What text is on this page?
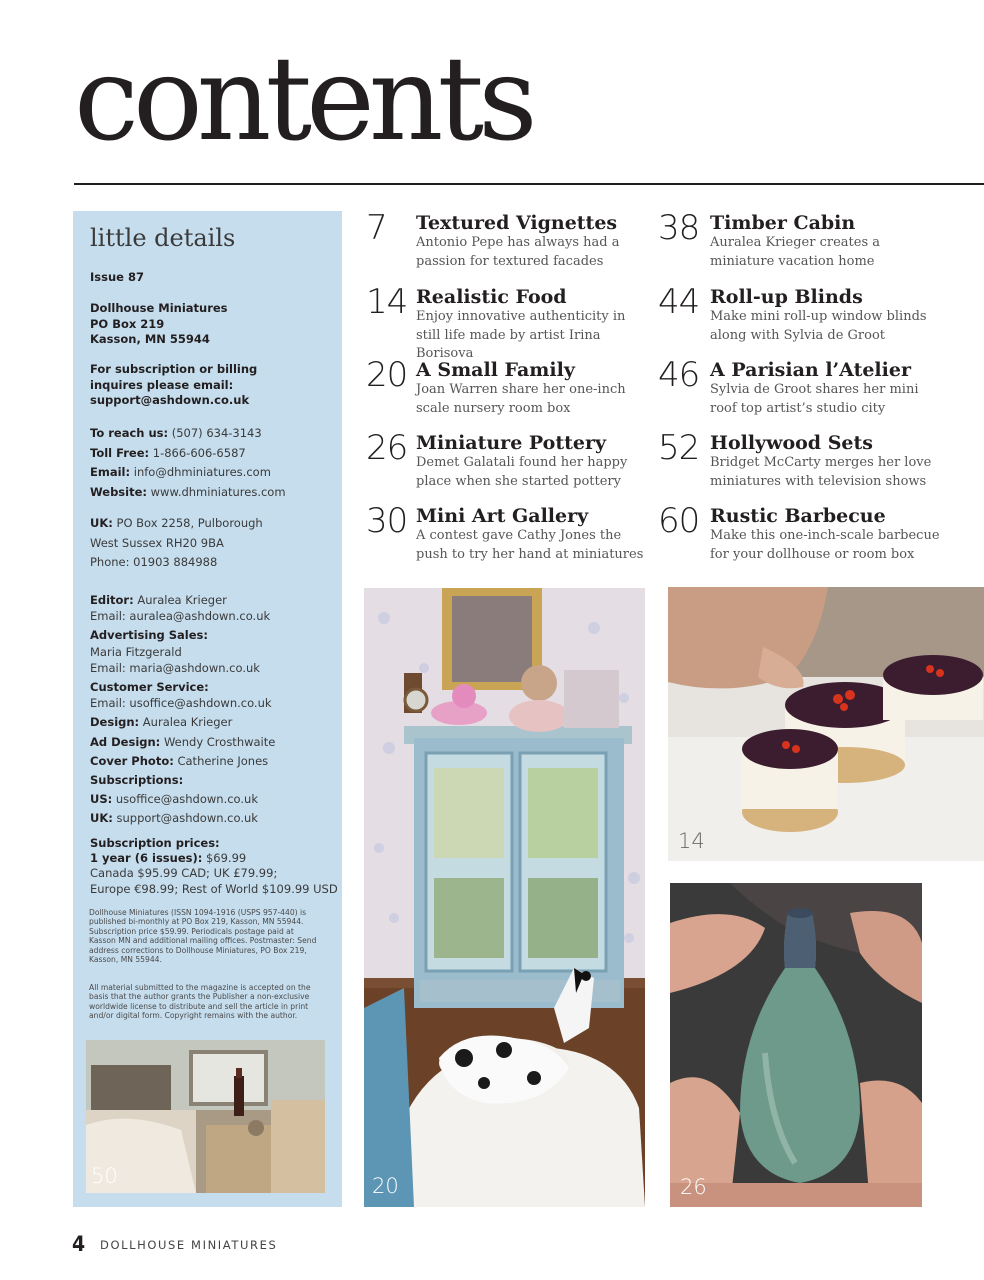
contents
little details
Issue 87
Dollhouse Miniatures
PO Box 219
Kasson, MN 55944
For subscription or billing
inquires please email:
support@ashdown.co.uk
To reach us: (507) 634-3143
Toll Free: 1-866-606-6587
Email: info@dhminiatures.com
Website: www.dhminiatures.com
UK: PO Box 2258, Pulborough
West Sussex RH20 9BA
Phone: 01903 884988
Editor: Auralea Krieger
Email: auralea@ashdown.co.uk
Advertising Sales:
Maria Fitzgerald
Email: maria@ashdown.co.uk
Customer Service:
Email: usoffice@ashdown.co.uk
Design: Auralea Krieger
Ad Design: Wendy Crosthwaite
Cover Photo: Catherine Jones
Subscriptions:
US: usoffice@ashdown.co.uk
UK: support@ashdown.co.uk
Subscription prices:
1 year (6 issues): $69.99
Canada $95.99 CAD; UK £79.99;
Europe €98.99; Rest of World $109.99 USD
Dollhouse Miniatures (ISSN 1094-1916 (USPS 957-440) is published bi-monthly at PO Box 219, Kasson, MN 55944. Subscription price $59.99. Periodicals postage paid at Kasson MN and additional mailing offices. Postmaster: Send address corrections to Dollhouse Miniatures, PO Box 219, Kasson, MN 55944.
All material submitted to the magazine is accepted on the basis that the author grants the Publisher a non-exclusive worldwide license to distribute and sell the article in print and/or digital form. Copyright remains with the author.
50
7 Textured Vignettes
Antonio Pepe has always had a passion for textured facades
14 Realistic Food
Enjoy innovative authenticity in still life made by artist Irina Borisova
20 A Small Family
Joan Warren share her one-inch scale nursery room box
26 Miniature Pottery
Demet Galatali found her happy place when she started pottery
30 Mini Art Gallery
A contest gave Cathy Jones the push to try her hand at miniatures
38 Timber Cabin
Auralea Krieger creates a miniature vacation home
44 Roll-up Blinds
Make mini roll-up window blinds along with Sylvia de Groot
46 A Parisian l’Atelier
Sylvia de Groot shares her mini roof top artist’s studio city
52 Hollywood Sets
Bridget McCarty merges her love miniatures with television shows
60 Rustic Barbecue
Make this one-inch-scale barbecue for your dollhouse or room box
20
14
26
4 DOLLHOUSE MINIATURES
